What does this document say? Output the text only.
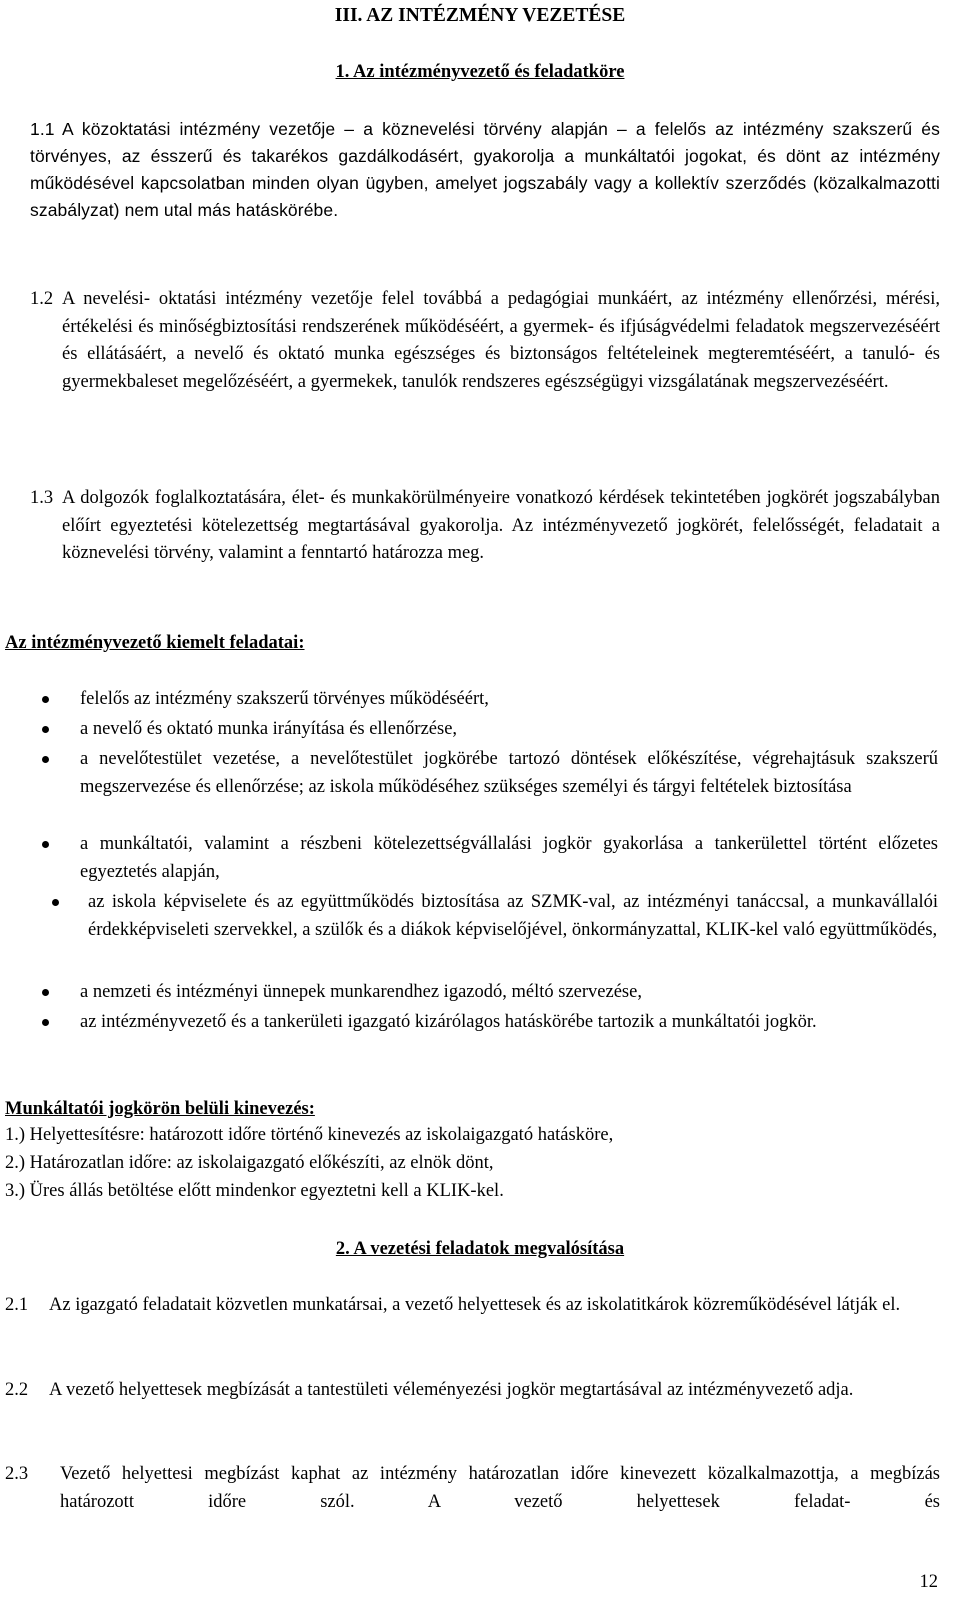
III. AZ INTÉZMÉNY VEZETÉSE
1. Az intézményvezető és feladatköre
1.1 A közoktatási intézmény vezetője – a köznevelési törvény alapján – a felelős az intézmény szakszerű és törvényes, az ésszerű és takarékos gazdálkodásért, gyakorolja a munkáltatói jogokat, és dönt az intézmény működésével kapcsolatban minden olyan ügyben, amelyet jogszabály vagy a kollektív szerződés (közalkalmazotti szabályzat) nem utal más hatáskörébe.
1.2 A nevelési- oktatási intézmény vezetője felel továbbá a pedagógiai munkáért, az intézmény ellenőrzési, mérési, értékelési és minőségbiztosítási rendszerének működéséért, a gyermek- és ifjúságvédelmi feladatok megszervezéséért és ellátásáért, a nevelő és oktató munka egészséges és biztonságos feltételeinek megteremtéséért, a tanuló- és gyermekbaleset megelőzéséért, a gyermekek, tanulók rendszeres egészségügyi vizsgálatának megszervezéséért.
1.3 A dolgozók foglalkoztatására, élet- és munkakörülményeire vonatkozó kérdések tekintetében jogkörét jogszabályban előírt egyeztetési kötelezettség megtartásával gyakorolja. Az intézményvezető jogkörét, felelősségét, feladatait a köznevelési törvény, valamint a fenntartó határozza meg.
Az intézményvezető kiemelt feladatai:
felelős az intézmény szakszerű törvényes működéséért,
a nevelő és oktató munka irányítása és ellenőrzése,
a nevelőtestület vezetése, a nevelőtestület jogkörébe tartozó döntések előkészítése, végrehajtásuk szakszerű megszervezése és ellenőrzése; az iskola működéséhez szükséges személyi és tárgyi feltételek biztosítása
a munkáltatói, valamint a részbeni kötelezettségvállalási jogkör gyakorlása a tankerülettel történt előzetes egyeztetés alapján,
az iskola képviselete és az együttműködés biztosítása az SZMK-val, az intézményi tanáccsal, a munkavállalói érdekképviseleti szervekkel, a szülők és a diákok képviselőjével, önkormányzattal, KLIK-kel való együttműködés,
a nemzeti és intézményi ünnepek munkarendhez igazodó, méltó szervezése,
az intézményvezető és a tankerületi igazgató kizárólagos hatáskörébe tartozik a munkáltatói jogkör.
Munkáltatói jogkörön belüli kinevezés:
1.) Helyettesítésre: határozott időre történő kinevezés az iskolaigazgató hatásköre,
2.) Határozatlan időre: az iskolaigazgató előkészíti, az elnök dönt,
3.) Üres állás betöltése előtt mindenkor egyeztetni kell a KLIK-kel.
2. A vezetési feladatok megvalósítása
2.1 Az igazgató feladatait közvetlen munkatársai, a vezető helyettesek és az iskolatitkárok közreműködésével látják el.
2.2 A vezető helyettesek megbízását a tantestületi véleményezési jogkör megtartásával az intézményvezető adja.
2.3 Vezető helyettesi megbízást kaphat az intézmény határozatlan időre kinevezett közalkalmazottja, a megbízás határozott időre szól. A vezető helyettesek feladat- és
12
